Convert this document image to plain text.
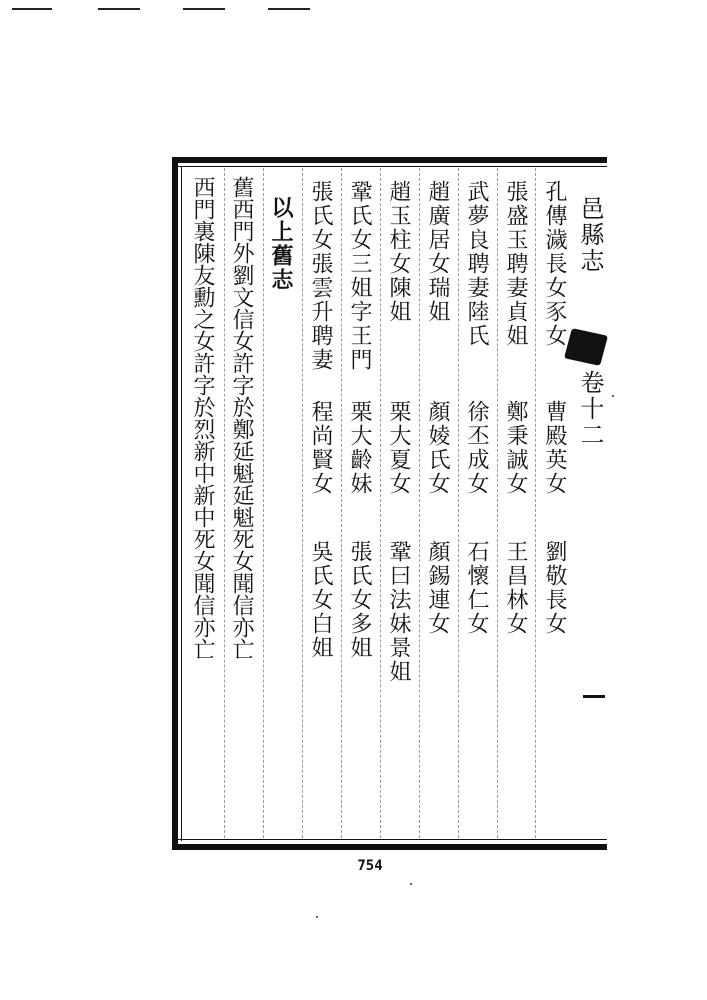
邑縣志
卷十二
孔傳濊長女豕女
曹殿英女
劉敬長女
張盛玉聘妻貞姐
鄭秉誠女
王昌林女
武夢良聘妻陸氏
徐丕成女
石懷仁女
趙廣居女瑞姐
顏婈氏女
顏錫連女
趙玉柱女陳姐
栗大夏女
鞏曰法妹景姐
鞏氏女三姐字王門
栗大齡妹
張氏女多姐
張氏女張雲升聘妻
程尚賢女
吳氏女白姐
以上舊志
舊西門外劉文信女許字於鄭延魁延魁死女聞信亦亡
西門裏陳友勳之女許字於烈新中新中死女聞信亦亡
754
